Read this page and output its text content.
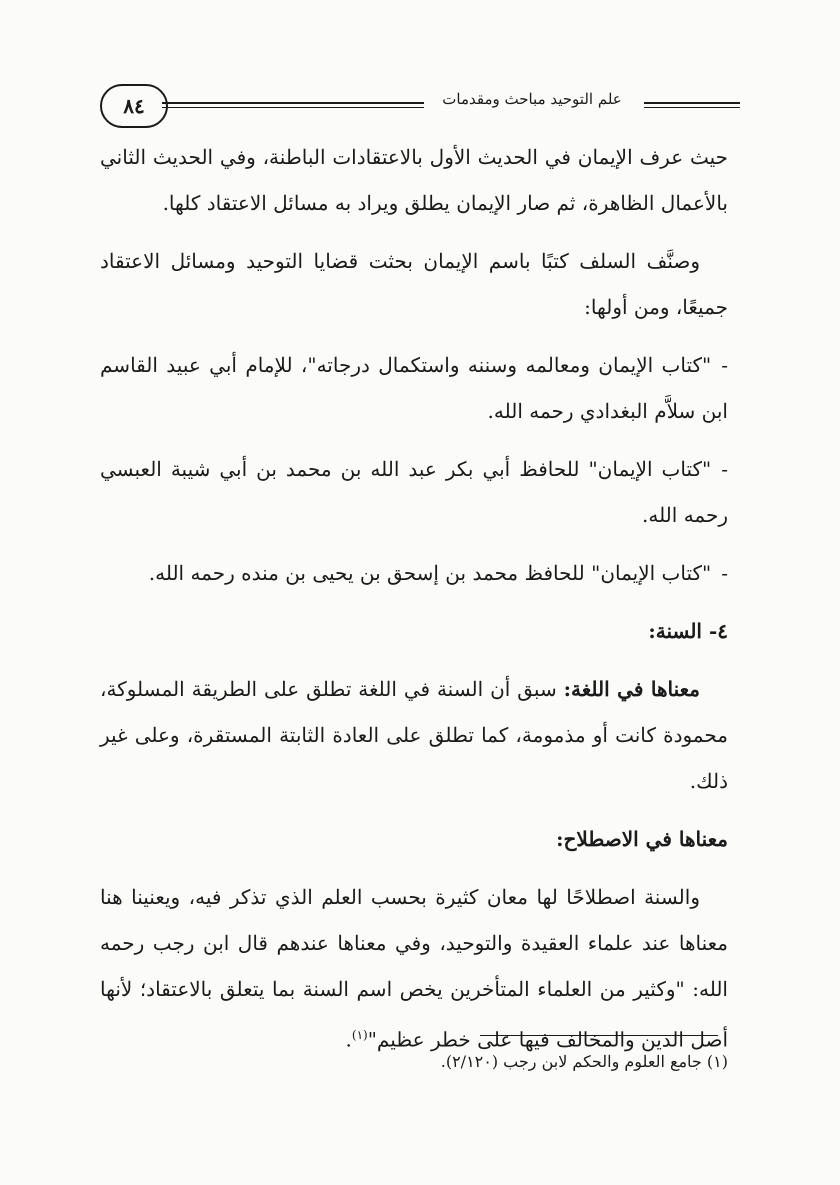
٨٤	علم التوحيد مباحث ومقدمات

حيث عرف الإيمان في الحديث الأول بالاعتقادات الباطنة، وفي الحديث الثاني بالأعمال الظاهرة، ثم صار الإيمان يطلق ويراد به مسائل الاعتقاد كلها.

وصنَّف السلف كتبًا باسم الإيمان بحثت قضايا التوحيد ومسائل الاعتقاد جميعًا، ومن أولها:

-"كتاب الإيمان ومعالمه وسننه واستكمال درجاته"، للإمام أبي عبيد القاسم ابن سلاَّم البغدادي رحمه الله.

-"كتاب الإيمان" للحافظ أبي بكر عبد الله بن محمد بن أبي شيبة العبسي رحمه الله.

-"كتاب الإيمان" للحافظ محمد بن إسحق بن يحيى بن منده رحمه الله.

٤- السنة:

معناها في اللغة: سبق أن السنة في اللغة تطلق على الطريقة المسلوكة، محمودة كانت أو مذمومة، كما تطلق على العادة الثابتة المستقرة، وعلى غير ذلك.

معناها في الاصطلاح:

والسنة اصطلاحًا لها معان كثيرة بحسب العلم الذي تذكر فيه، ويعنينا هنا معناها عند علماء العقيدة والتوحيد، وفي معناها عندهم قال ابن رجب رحمه الله: "وكثير من العلماء المتأخرين يخص اسم السنة بما يتعلق بالاعتقاد؛ لأنها أصل الدين والمخالف فيها على خطر عظيم"$^{(١)}$.

(١) جامع العلوم والحكم لابن رجب (٢/١٢٠).
